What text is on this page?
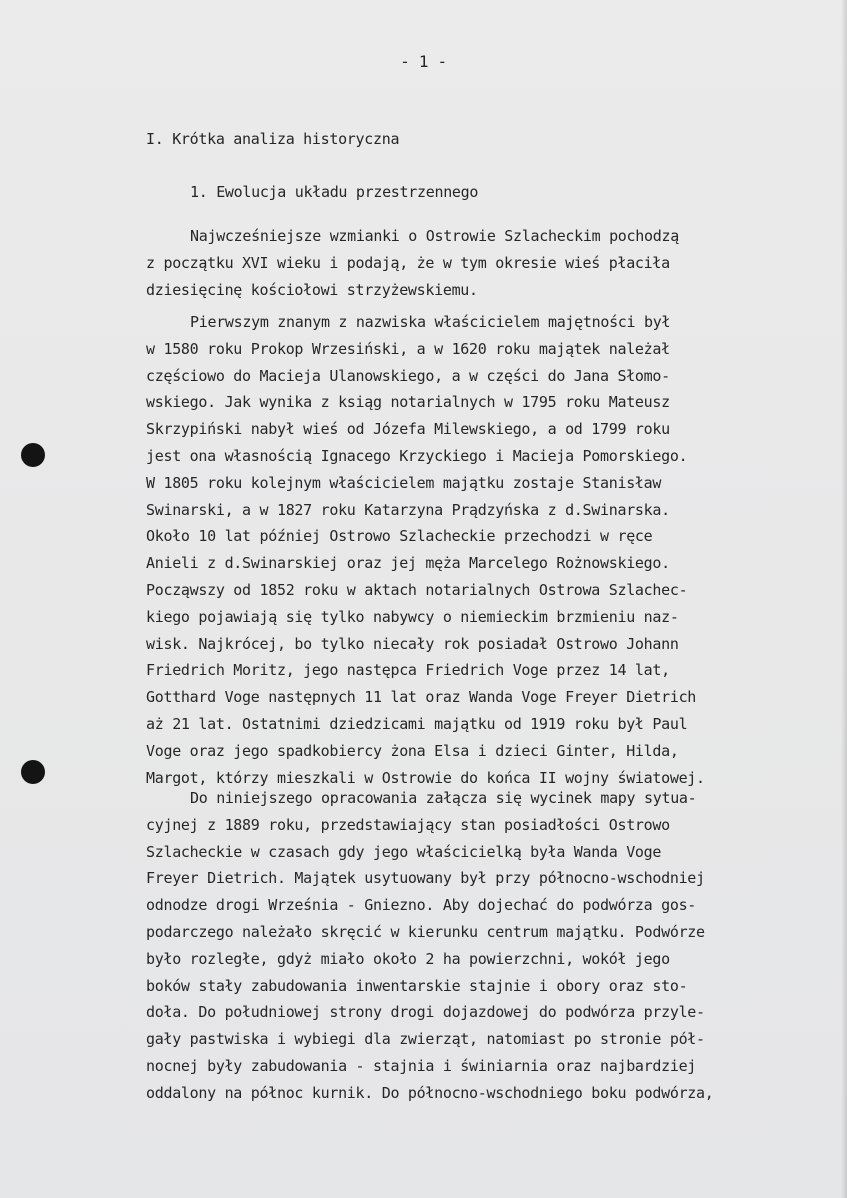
- 1 -
I. Krótka analiza historyczna
1. Ewolucja układu przestrzennego
Najwcześniejsze wzmianki o Ostrowie Szlacheckim pochodzą
z początku XVI wieku i podają, że w tym okresie wieś płaciła
dziesięcinę kościołowi strzyżewskiemu.
Pierwszym znanym z nazwiska właścicielem majętności był
w 1580 roku Prokop Wrzesiński, a w 1620 roku majątek należał
częściowo do Macieja Ulanowskiego, a w części do Jana Słomo-
wskiego. Jak wynika z ksiąg notarialnych w 1795 roku Mateusz
Skrzypiński nabył wieś od Józefa Milewskiego, a od 1799 roku
jest ona własnością Ignacego Krzyckiego i Macieja Pomorskiego.
W 1805 roku kolejnym właścicielem majątku zostaje Stanisław
Swinarski, a w 1827 roku Katarzyna Prądzyńska z d.Swinarska.
Około 10 lat później Ostrowo Szlacheckie przechodzi w ręce
Anieli z d.Swinarskiej oraz jej męża Marcelego Rożnowskiego.
Począwszy od 1852 roku w aktach notarialnych Ostrowa Szlachec-
kiego pojawiają się tylko nabywcy o niemieckim brzmieniu naz-
wisk. Najkrócej, bo tylko niecały rok posiadał Ostrowo Johann
Friedrich Moritz, jego następca Friedrich Voge przez 14 lat,
Gotthard Voge następnych 11 lat oraz Wanda Voge Freyer Dietrich
aż 21 lat. Ostatnimi dziedzicami majątku od 1919 roku był Paul
Voge oraz jego spadkobiercy żona Elsa i dzieci Ginter, Hilda,
Margot, którzy mieszkali w Ostrowie do końca II wojny światowej.
Do niniejszego opracowania załącza się wycinek mapy sytua-
cyjnej z 1889 roku, przedstawiający stan posiadłości Ostrowo
Szlacheckie w czasach gdy jego właścicielką była Wanda Voge
Freyer Dietrich. Majątek usytuowany był przy północno-wschodniej
odnodze drogi Września - Gniezno. Aby dojechać do podwórza gos-
podarczego należało skręcić w kierunku centrum majątku. Podwórze
było rozległe, gdyż miało około 2 ha powierzchni, wokół jego
boków stały zabudowania inwentarskie stajnie i obory oraz sto-
doła. Do południowej strony drogi dojazdowej do podwórza przyle-
gały pastwiska i wybiegi dla zwierząt, natomiast po stronie pół-
nocnej były zabudowania - stajnia i świniarnia oraz najbardziej
oddalony na północ kurnik. Do północno-wschodniego boku podwórza,
